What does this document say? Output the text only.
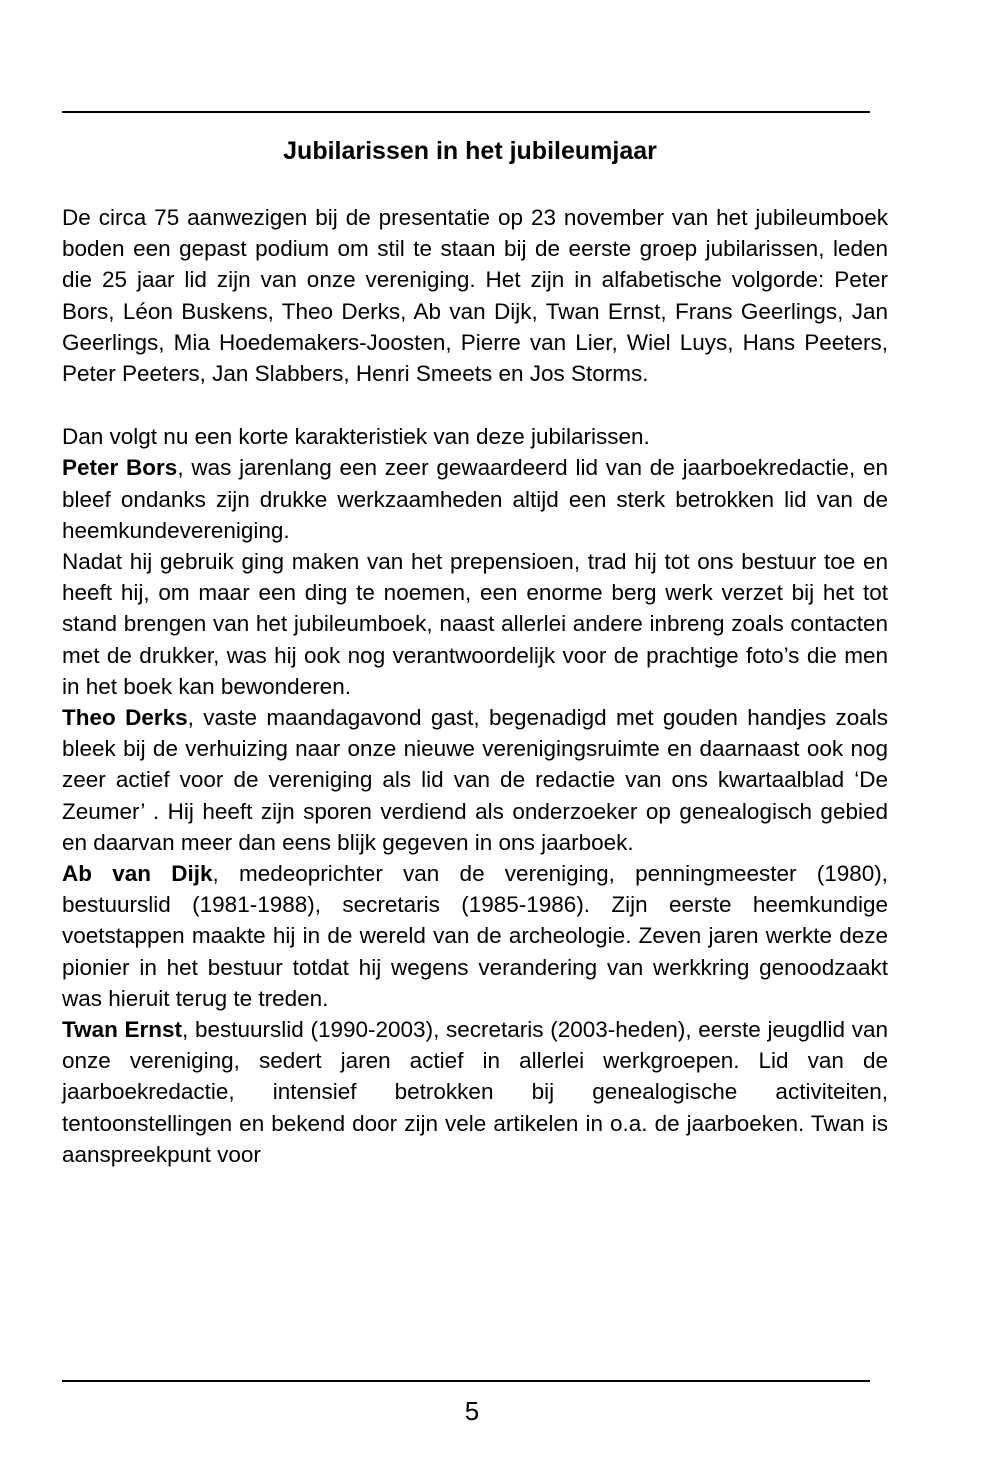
Jubilarissen in het jubileumjaar

De circa 75 aanwezigen bij de presentatie op 23 november van het jubileumboek boden een gepast podium om stil te staan bij de eerste groep jubilarissen, leden die 25 jaar lid zijn van onze vereniging. Het zijn in alfabetische volgorde: Peter Bors, Léon Buskens, Theo Derks, Ab van Dijk, Twan Ernst, Frans Geerlings, Jan Geerlings, Mia Hoedemakers-Joosten, Pierre van Lier, Wiel Luys, Hans Peeters, Peter Peeters, Jan Slabbers, Henri Smeets en Jos Storms.

Dan volgt nu een korte karakteristiek van deze jubilarissen.

Peter Bors, was jarenlang een zeer gewaardeerd lid van de jaarboekredactie, en bleef ondanks zijn drukke werkzaamheden altijd een sterk betrokken lid van de heemkundevereniging.

Nadat hij gebruik ging maken van het prepensioen, trad hij tot ons bestuur toe en heeft hij, om maar een ding te noemen, een enorme berg werk verzet bij het tot stand brengen van het jubileumboek, naast allerlei andere inbreng zoals contacten met de drukker, was hij ook nog verantwoordelijk voor de prachtige foto’s die men in het boek kan bewonderen.

Theo Derks, vaste maandagavond gast, begenadigd met gouden handjes zoals bleek bij de verhuizing naar onze nieuwe verenigingsruimte en daarnaast ook nog zeer actief voor de vereniging als lid van de redactie van ons kwartaalblad ‘De Zeumer’ . Hij heeft zijn sporen verdiend als onderzoeker op genealogisch gebied en daarvan meer dan eens blijk gegeven in ons jaarboek.

Ab van Dijk, medeoprichter van de vereniging, penningmeester (1980), bestuurslid (1981-1988), secretaris (1985-1986). Zijn eerste heemkundige voetstappen maakte hij in de wereld van de archeologie. Zeven jaren werkte deze pionier in het bestuur totdat hij wegens verandering van werkkring genoodzaakt was hieruit terug te treden.

Twan Ernst, bestuurslid (1990-2003), secretaris (2003-heden), eerste jeugdlid van onze vereniging, sedert jaren actief in allerlei werkgroepen. Lid van de jaarboekredactie, intensief betrokken bij genealogische activiteiten, tentoonstellingen en bekend door zijn vele artikelen in o.a. de jaarboeken. Twan is aanspreekpunt voor

5
